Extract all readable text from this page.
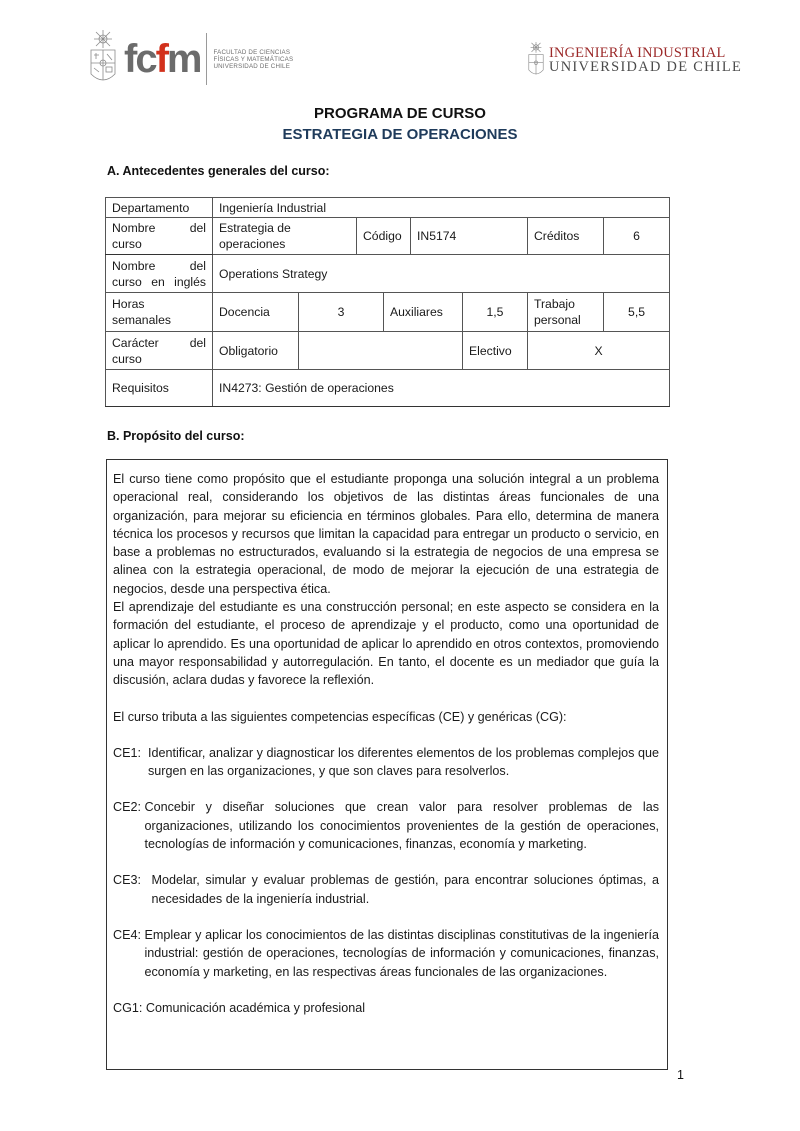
fcfm FACULTAD DE CIENCIAS
FÍSICAS Y MATEMÁTICAS
UNIVERSIDAD DE CHILE
INGENIERÍA INDUSTRIAL
UNIVERSIDAD DE CHILE
PROGRAMA DE CURSO
ESTRATEGIA DE OPERACIONES
A. Antecedentes generales del curso:
Departamento	Ingeniería Industrial							
Nombre del curso	Estrategia de operaciones		Código		IN5174		Créditos	6
Nombre del curso en inglés	Operations Strategy							
Horas semanales	Docencia	3		Auxiliares		1,5	Trabajo personal	5,5
Carácter del curso	Obligatorio					Electivo	X	
Requisitos	IN4273: Gestión de operaciones							
B. Propósito del curso:

El curso tiene como propósito que el estudiante proponga una solución integral a un problema operacional real, considerando los objetivos de las distintas áreas funcionales de una organización, para mejorar su eficiencia en términos globales. Para ello, determina de manera técnica los procesos y recursos que limitan la capacidad para entregar un producto o servicio, en base a problemas no estructurados, evaluando si la estrategia de negocios de una empresa se alinea con la estrategia operacional, de modo de mejorar la ejecución de una estrategia de negocios, desde una perspectiva ética.

El aprendizaje del estudiante es una construcción personal; en este aspecto se considera en la formación del estudiante, el proceso de aprendizaje y el producto, como una oportunidad de aplicar lo aprendido. Es una oportunidad de aplicar lo aprendido en otros contextos, promoviendo una mayor responsabilidad y autorregulación. En tanto, el docente es un mediador que guía la discusión, aclara dudas y favorece la reflexión.

El curso tributa a las siguientes competencias específicas (CE) y genéricas (CG):

CE1: Identificar, analizar y diagnosticar los diferentes elementos de los problemas complejos que surgen en las organizaciones, y que son claves para resolverlos.
CE2: Concebir y diseñar soluciones que crean valor para resolver problemas de las organizaciones, utilizando los conocimientos provenientes de la gestión de operaciones, tecnologías de información y comunicaciones, finanzas, economía y marketing.
CE3: Modelar, simular y evaluar problemas de gestión, para encontrar soluciones óptimas, a necesidades de la ingeniería industrial.
CE4: Emplear y aplicar los conocimientos de las distintas disciplinas constitutivas de la ingeniería industrial: gestión de operaciones, tecnologías de información y comunicaciones, finanzas, economía y marketing, en las respectivas áreas funcionales de las organizaciones.
CG1: Comunicación académica y profesional
1
